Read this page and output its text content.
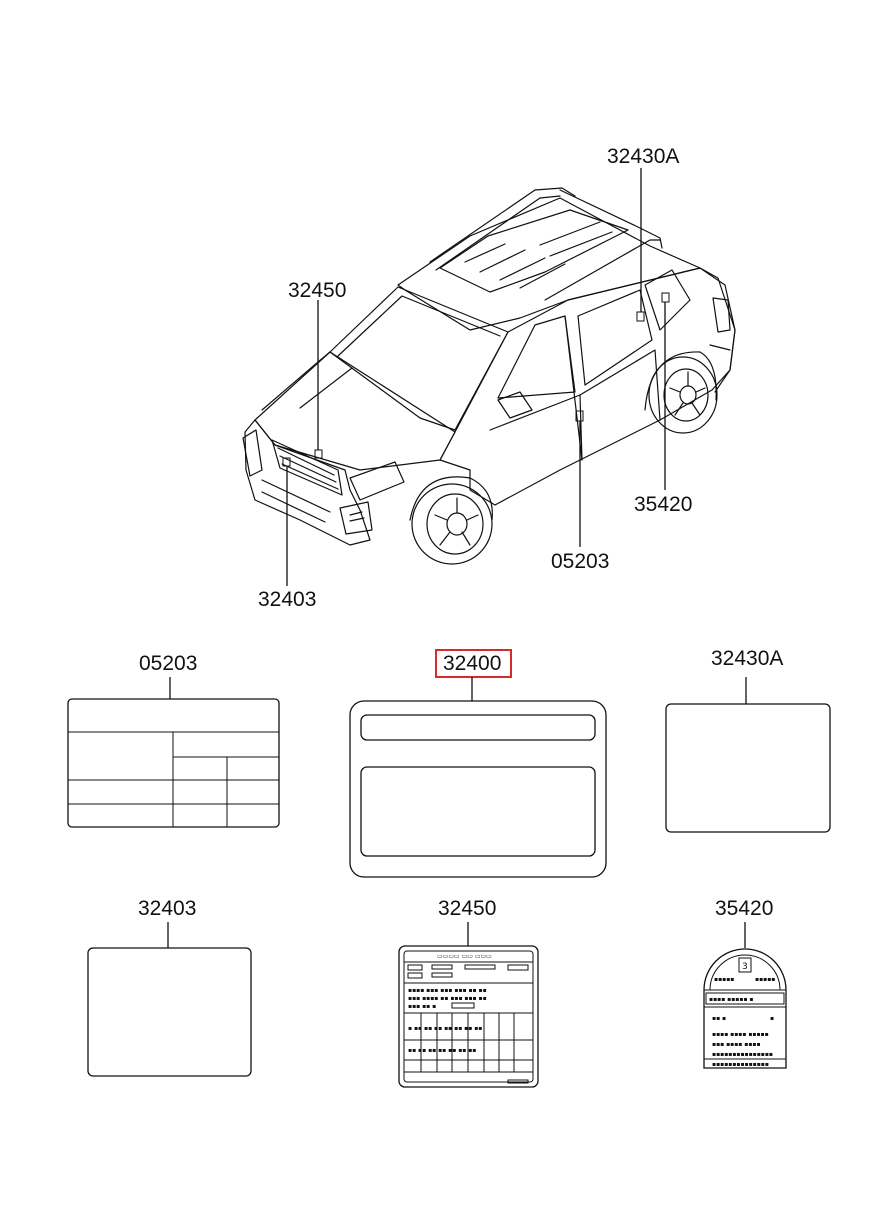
32430A
32450
35420
05203
32403
05203	32400	32430A
32403	32450
▭▭▭▭ ▭▭ ▭▭▭
▪▪▪▪ ▪▪▪ ▪▪▪ ▪▪▪ ▪▪ ▪▪
▪▪▪ ▪▪▪▪ ▪▪ ▪▪▪ ▪▪▪ ▪▪
▪▪▪ ▪▪ ▪
▪ ▪▪ ▪▪ ▪▪ ▪▪ ▪▪ ▪▪ ▪▪
▪▪ ▪▪ ▪▪ ▪▪ ▪▪ ▪▪ ▪▪
35420
3
▪▪▪▪▪	▪▪▪▪▪
▪▪▪▪ ▪▪▪▪▪ ▪
▪▪ ▪	▪
▪▪▪▪ ▪▪▪▪ ▪▪▪▪▪
▪▪▪ ▪▪▪▪ ▪▪▪▪
▪▪▪▪▪▪▪▪▪▪▪▪▪▪▪
▪▪▪▪▪▪▪▪▪▪▪▪▪▪
